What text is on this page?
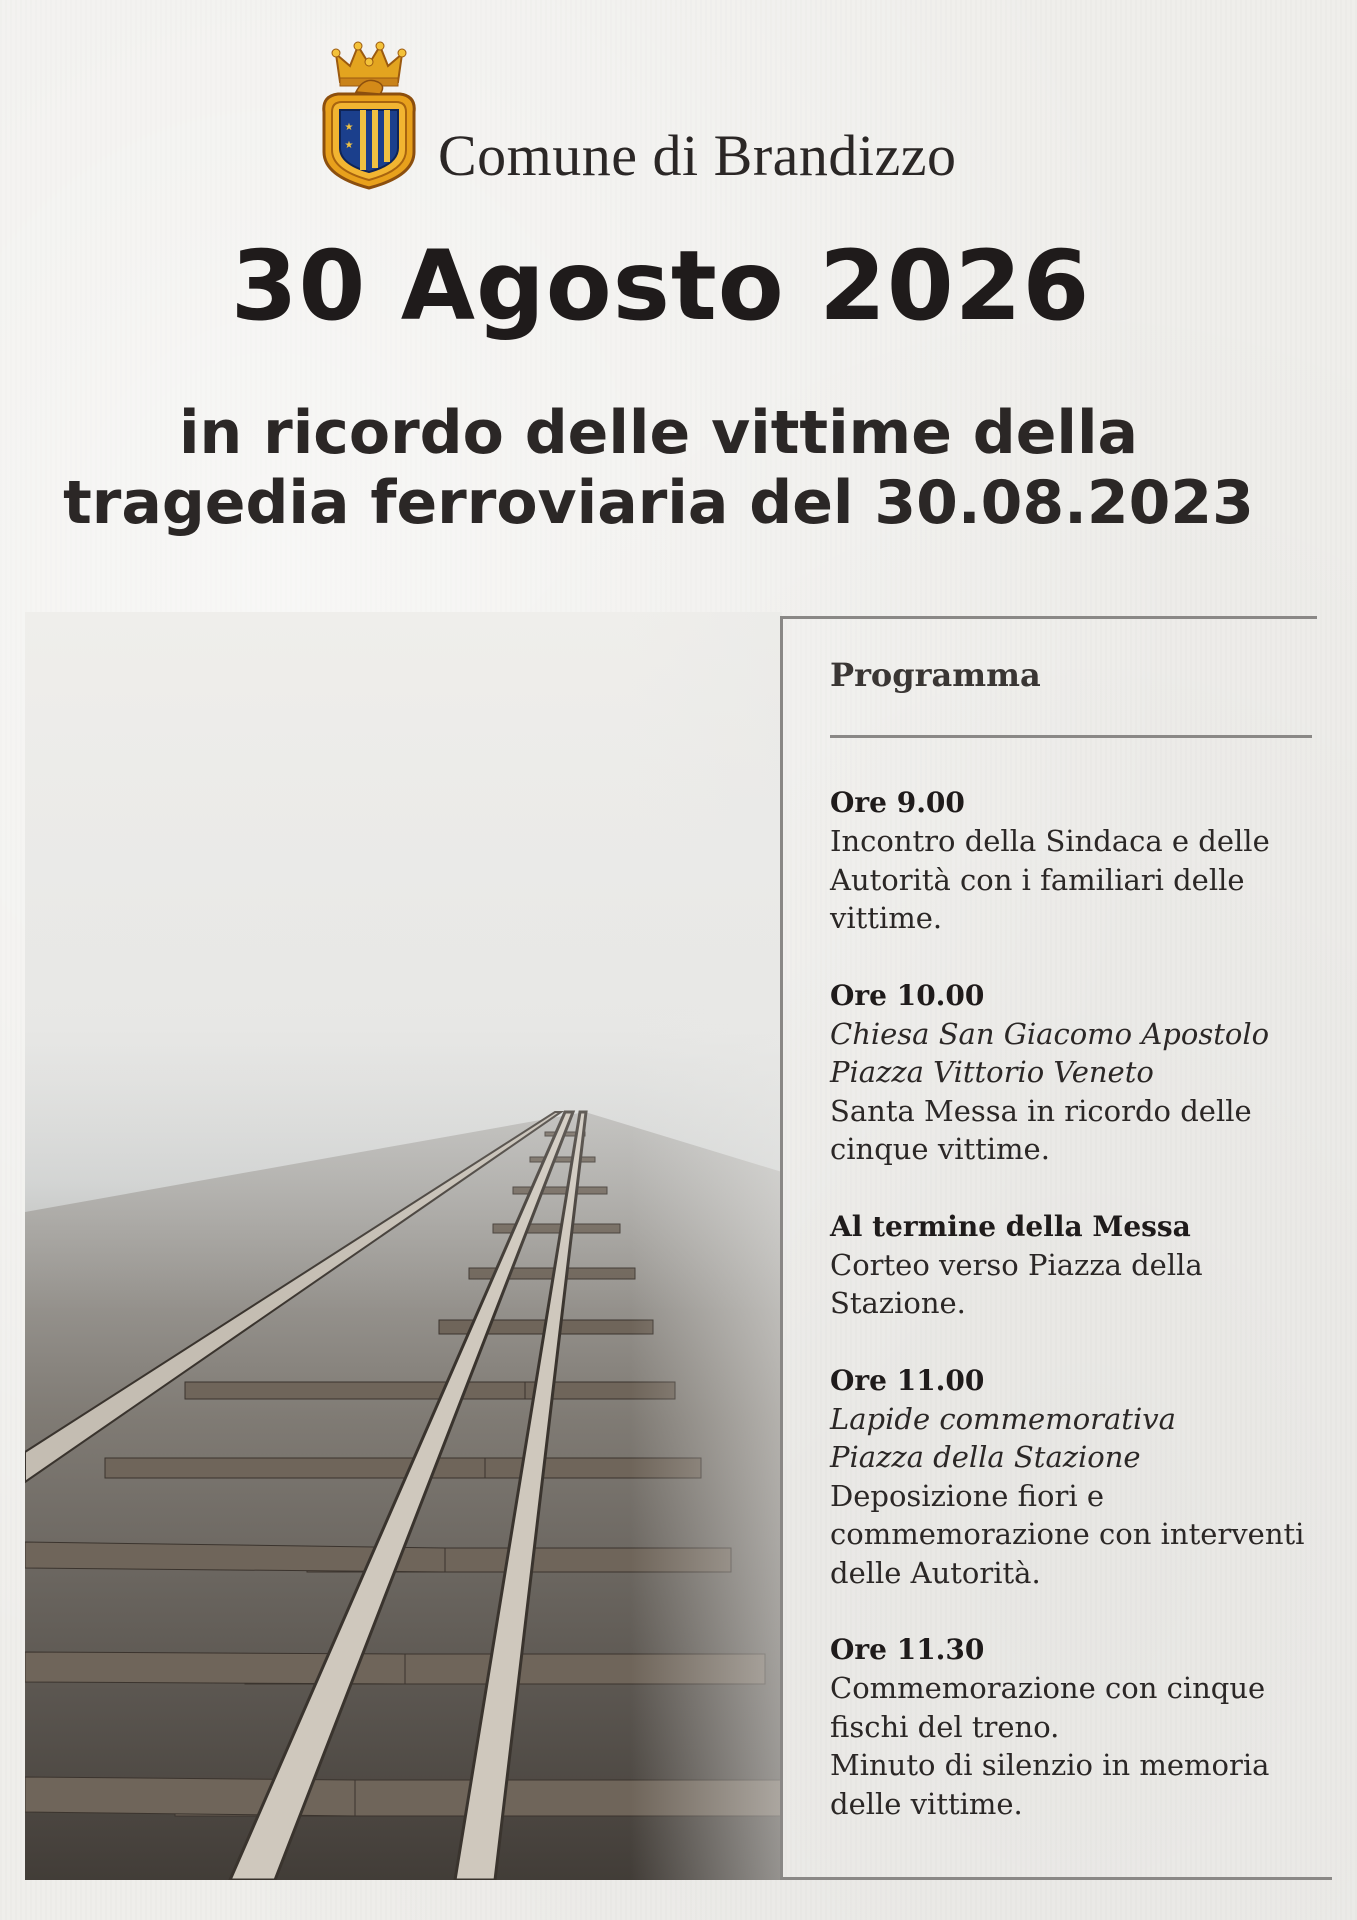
★
★ Comune di Brandizzo
30 Agosto 2026
in ricordo delle vittime della
tragedia ferroviaria del 30.08.2023
Programma
Ore 9.00
Incontro della Sindaca e delle
Autorità con i familiari delle
vittime.
Ore 10.00
Chiesa San Giacomo Apostolo
Piazza Vittorio Veneto
Santa Messa in ricordo delle
cinque vittime.
Al termine della Messa
Corteo verso Piazza della
Stazione.
Ore 11.00
Lapide commemorativa
Piazza della Stazione
Deposizione fiori e
commemorazione con interventi
delle Autorità.
Ore 11.30
Commemorazione con cinque
fischi del treno.
Minuto di silenzio in memoria
delle vittime.
